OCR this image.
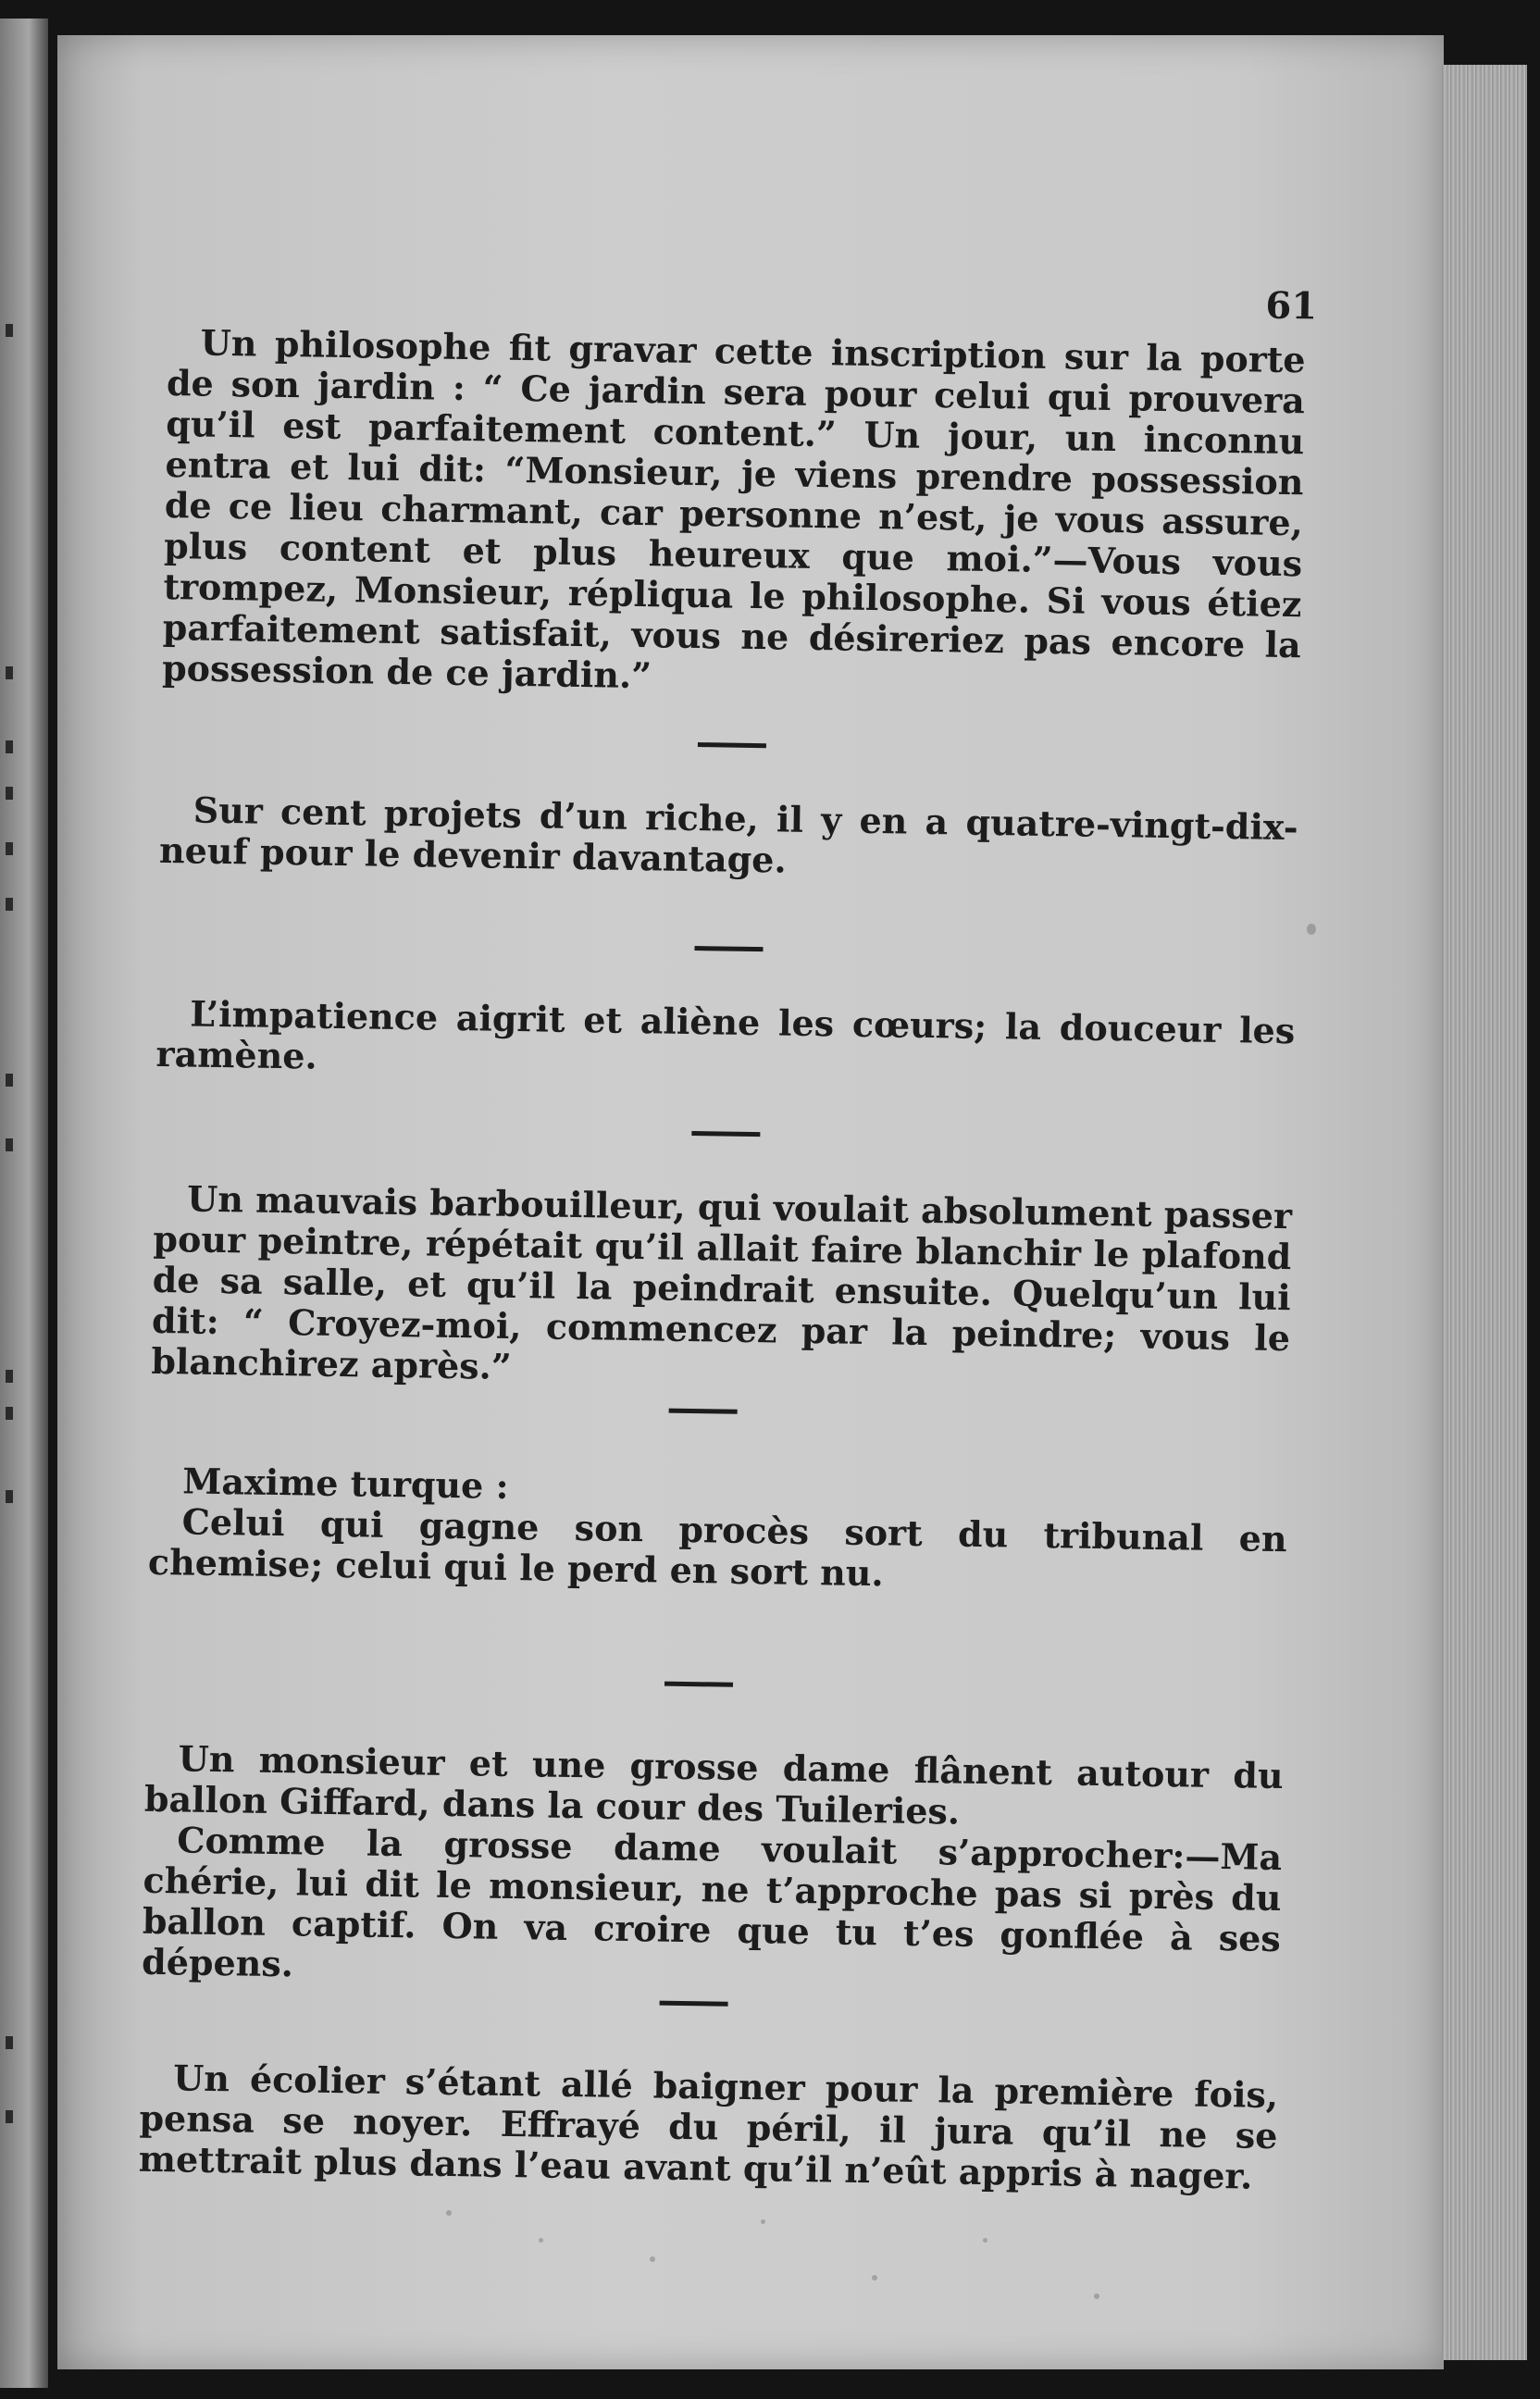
61

Un philosophe fit gravar cette inscription sur la porte de son jardin : “ Ce jardin sera pour celui qui prouvera qu’il est parfaitement content.” Un jour, un inconnu entra et lui dit: “Monsieur, je viens prendre possession de ce lieu charmant, car personne n’est, je vous assure, plus content et plus heureux que moi.”—Vous vous trompez, Monsieur, répliqua le philosophe. Si vous étiez parfaitement satisfait, vous ne désireriez pas encore la possession de ce jardin.”

Sur cent projets d’un riche, il y en a quatre-vingt-dix-neuf pour le devenir davantage.

L’impatience aigrit et aliène les cœurs; la douceur les ramène.

Un mauvais barbouilleur, qui voulait absolument passer pour peintre, répétait qu’il allait faire blanchir le plafond de sa salle, et qu’il la peindrait ensuite. Quelqu’un lui dit: “ Croyez-moi, commencez par la peindre; vous le blanchirez après.”

Maxime turque :

Celui qui gagne son procès sort du tribunal en chemise; celui qui le perd en sort nu.

Un monsieur et une grosse dame flânent autour du ballon Giffard, dans la cour des Tuileries.

Comme la grosse dame voulait s’approcher:—Ma chérie, lui dit le monsieur, ne t’approche pas si près du ballon captif. On va croire que tu t’es gonflée à ses dépens.

Un écolier s’étant allé baigner pour la première fois, pensa se noyer. Effrayé du péril, il jura qu’il ne se mettrait plus dans l’eau avant qu’il n’eût appris à nager.
